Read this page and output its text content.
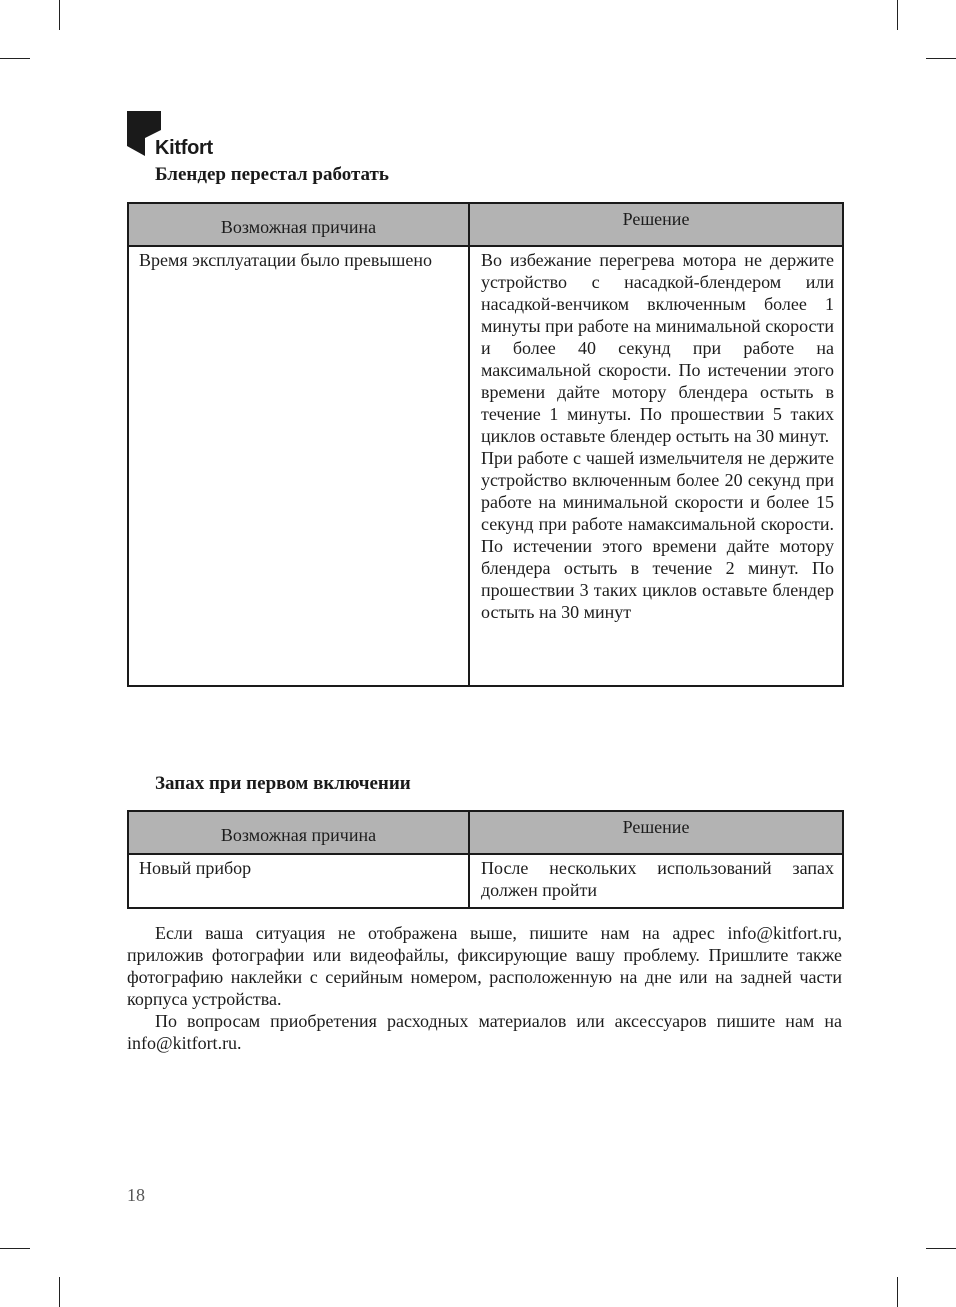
Kitfort
Блендер перестал работать
Возможная причина	Решение
Время эксплуатации было превышено	Во избежание перегрева мотора не держите устройство с насадкой-блендером или насадкой-венчиком включенным более 1 минуты при работе на минимальной скорости и более 40 секунд при работе на максимальной скорости. По истечении этого времени дайте мотору блендера остыть в течение 1 минуты. По прошествии 5 таких циклов оставьте блендер остыть на 30 минут.

При работе с чашей измельчителя не держите устройство включенным более 20 секунд при работе на минимальной скорости и более 15 секунд при работе намаксимальной скорости. По истечении этого времени дайте мотору блендера остыть в течение 2 минут. По прошествии 3 таких циклов оставьте блендер остыть на 30 минут

Запах при первом включении
Возможная причина	Решение
Новый прибор	После нескольких использований запах должен пройти

Если ваша ситуация не отображена выше, пишите нам на адрес info@kitfort.ru, приложив фотографии или видеофайлы, фиксирующие вашу проблему. Пришлите также фотографию наклейки с серийным номером, расположенную на дне или на задней части корпуса устройства.

По вопросам приобретения расходных материалов или аксессуаров пишите нам на info@kitfort.ru.

18
